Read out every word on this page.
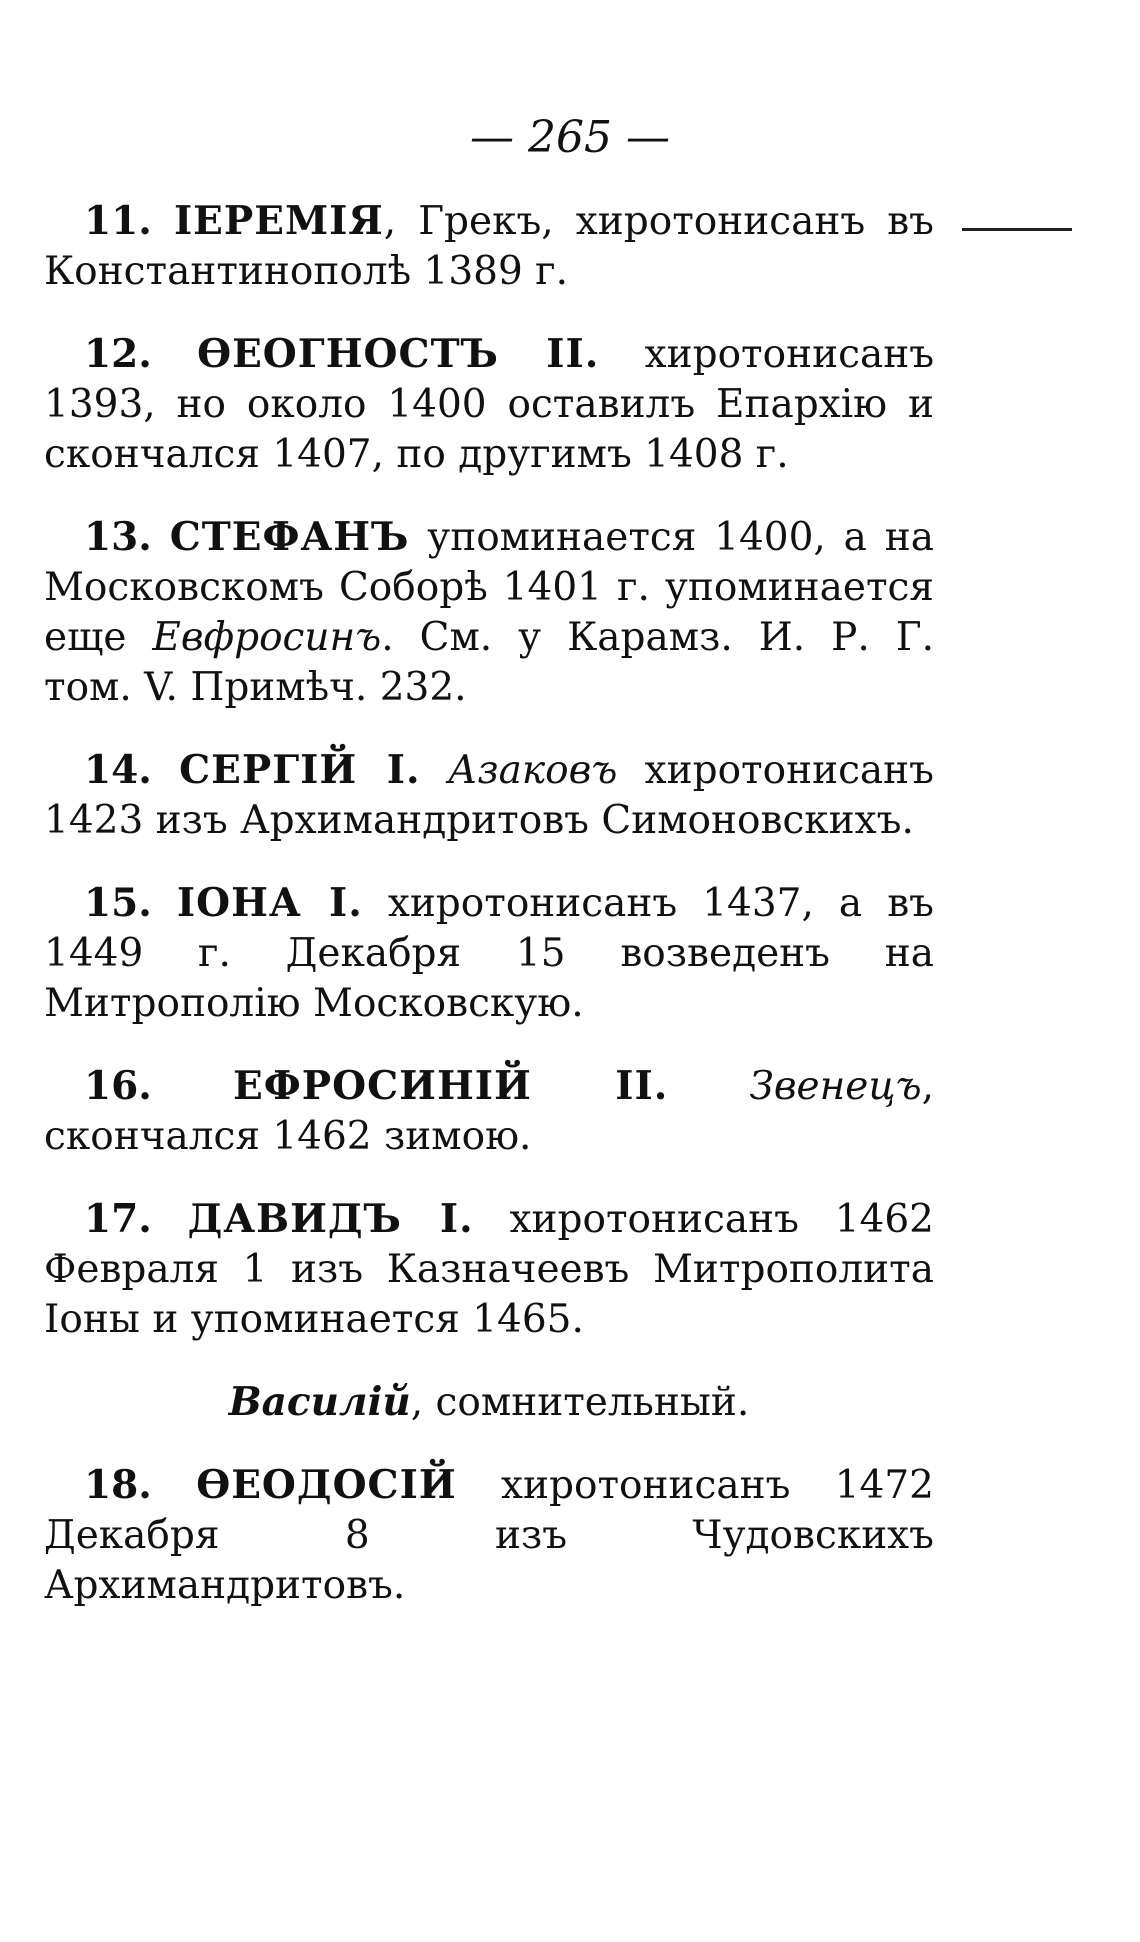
— 265 —

11. ІЕРЕМІЯ, Грекъ, хиротонисанъ въ Константинополѣ 1389 г.

12. ѲЕОГНОСТЪ II. хиротонисанъ 1393, но около 1400 оставилъ Епархію и скончался 1407, по другимъ 1408 г.

13. СТЕФАНЪ упоминается 1400, а на Московскомъ Соборѣ 1401 г. упоминается еще Евфросинъ. См. у Карамз. И. Р. Г. том. V. Примѣч. 232.

14. СЕРГІЙ I. Азаковъ хиротонисанъ 1423 изъ Архимандритовъ Симоновскихъ.

15. ІОНА I. хиротонисанъ 1437, а въ 1449 г. Декабря 15 возведенъ на Митрополію Московскую.

16. ЕФРОСИНІЙ II. Звенецъ, скончался 1462 зимою.

17. ДАВИДЪ I. хиротонисанъ 1462 Февраля 1 изъ Казначеевъ Митрополита Іоны и упоминается 1465.

Василій, сомнительный.

18. ѲЕОДОСІЙ хиротонисанъ 1472 Декабря 8 изъ Чудовскихъ Архимандритовъ.
